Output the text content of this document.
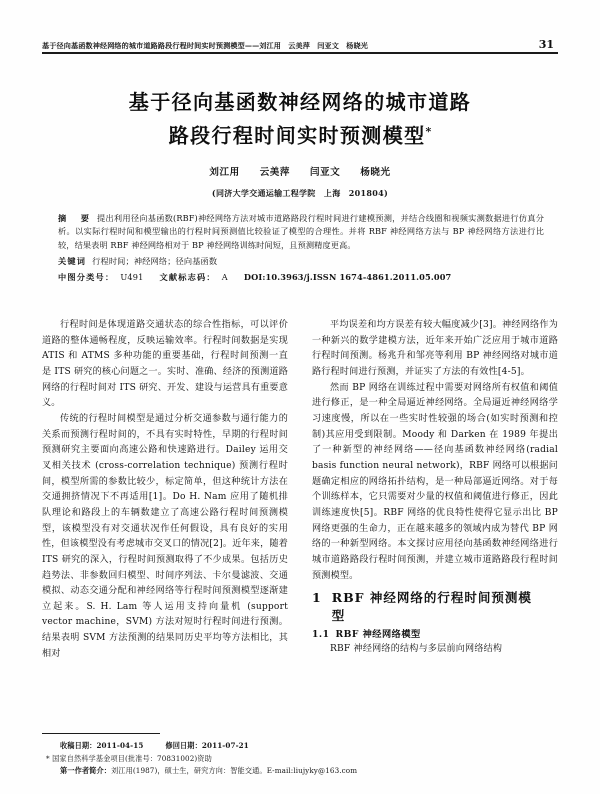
基于径向基函数神经网络的城市道路路段行程时间实时预测模型——刘江用　云美萍　闫亚文　杨晓光	31
基于径向基函数神经网络的城市道路
路段行程时间实时预测模型*
刘江用 云美萍 闫亚文 杨晓光
(同济大学交通运输工程学院　上海　201804)
摘　要 提出利用径向基函数(RBF)神经网络方法对城市道路路段行程时间进行建模预测，并结合线圈和视频实测数据进行仿真分析。以实际行程时间和模型输出的行程时间预测值比较验证了模型的合理性。并将 RBF 神经网络方法与 BP 神经网络方法进行比较，结果表明 RBF 神经网络相对于 BP 神经网络训练时间短，且预测精度更高。
关键词 行程时间；神经网络；径向基函数
中图分类号： U491 文献标志码： A DOI:10.3963/j.ISSN 1674-4861.2011.05.007

行程时间是体现道路交通状态的综合性指标，可以评价道路的整体通畅程度，反映运输效率。行程时间数据是实现 ATIS 和 ATMS 多种功能的重要基础，行程时间预测一直是 ITS 研究的核心问题之一。实时、准确、经济的预测道路网络的行程时间对 ITS 研究、开发、建设与运营具有重要意义。

传统的行程时间模型是通过分析交通参数与通行能力的关系而预测行程时间的，不具有实时特性，早期的行程时间预测研究主要面向高速公路和快速路进行。Dailey 运用交叉相关技术 (cross-correlation technique) 预测行程时间，模型所需的参数比较少，标定简单，但这种统计方法在交通拥挤情况下不再适用[1]。Do H. Nam 应用了随机排队理论和路段上的车辆数建立了高速公路行程时间预测模型，该模型没有对交通状况作任何假设，具有良好的实用性，但该模型没有考虑城市交叉口的情况[2]。近年来，随着 ITS 研究的深入，行程时间预测取得了不少成果。包括历史趋势法、非参数回归模型、时间序列法、卡尔曼滤波、交通模拟、动态交通分配和神经网络等行程时间预测模型逐渐建立起来。S. H. Lam 等人运用支持向量机 (support vector machine，SVM) 方法对短时行程时间进行预测。结果表明 SVM 方法预测的结果同历史平均等方法相比，其相对

平均误差和均方误差有较大幅度减少[3]。神经网络作为一种新兴的数学建模方法，近年来开始广泛应用于城市道路行程时间预测。杨兆升和邹亮等利用 BP 神经网络对城市道路行程时间进行预测，并证实了方法的有效性[4-5]。

然而 BP 网络在训练过程中需要对网络所有权值和阈值进行修正，是一种全局逼近神经网络。全局逼近神经网络学习速度慢，所以在一些实时性较强的场合(如实时预测和控制)其应用受到限制。Moody 和 Darken 在 1989 年提出了一种新型的神经网络——径向基函数神经网络(radial basis function neural network)，RBF 网络可以根据问题确定相应的网络拓扑结构，是一种局部逼近网络。对于每个训练样本，它只需要对少量的权值和阈值进行修正，因此训练速度快[5]。RBF 网络的优良特性使得它显示出比 BP 网络更强的生命力，正在越来越多的领域内成为替代 BP 网络的一种新型网络。本文探讨应用径向基函数神经网络进行城市道路路段行程时间预测，并建立城市道路路段行程时间预测模型。

1 RBF 神经网络的行程时间预测模
型
1.1 RBF 神经网络模型

RBF 神经网络的结构与多层前向网络结构

收稿日期：2011-04-15	修回日期：2011-07-21
* 国家自然科学基金项目(批准号：70831002)资助
第一作者简介：刘江用(1987)，硕士生，研究方向：智能交通。E-mail:liujyky@163.com
